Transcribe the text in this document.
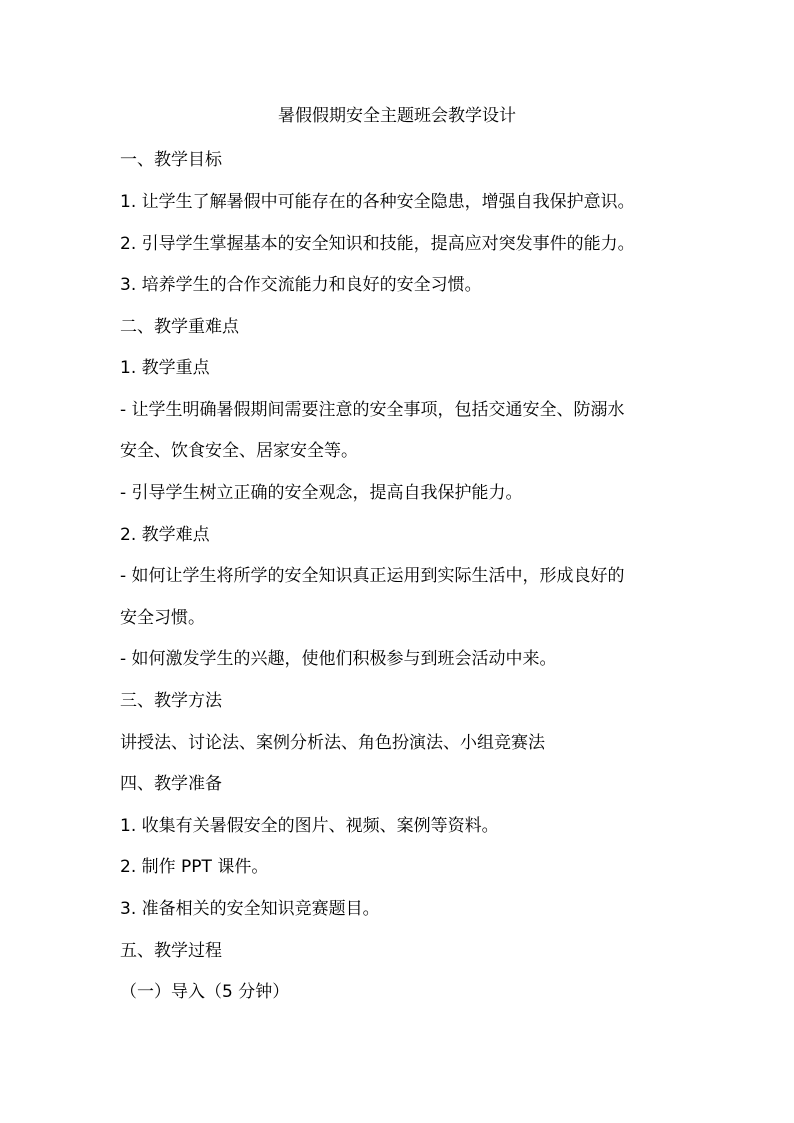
暑假假期安全主题班会教学设计
一、教学目标
1. 让学生了解暑假中可能存在的各种安全隐患，增强自我保护意识。
2. 引导学生掌握基本的安全知识和技能，提高应对突发事件的能力。
3. 培养学生的合作交流能力和良好的安全习惯。
二、教学重难点
1. 教学重点
- 让学生明确暑假期间需要注意的安全事项，包括交通安全、防溺水
安全、饮食安全、居家安全等。
- 引导学生树立正确的安全观念，提高自我保护能力。
2. 教学难点
- 如何让学生将所学的安全知识真正运用到实际生活中，形成良好的
安全习惯。
- 如何激发学生的兴趣，使他们积极参与到班会活动中来。
三、教学方法
讲授法、讨论法、案例分析法、角色扮演法、小组竞赛法
四、教学准备
1. 收集有关暑假安全的图片、视频、案例等资料。
2. 制作 PPT 课件。
3. 准备相关的安全知识竞赛题目。
五、教学过程
（一）导入（5 分钟）
